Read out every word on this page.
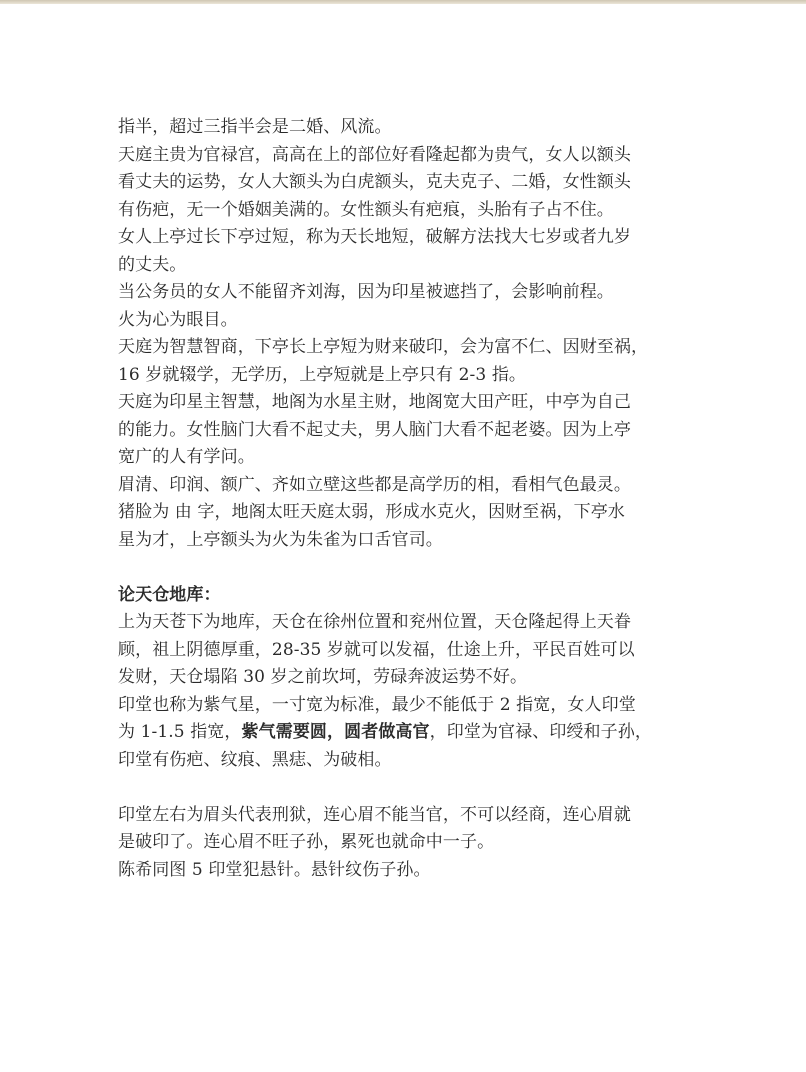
指半，超过三指半会是二婚、风流。
天庭主贵为官禄宫，高高在上的部位好看隆起都为贵气，女人以额头
看丈夫的运势，女人大额头为白虎额头，克夫克子、二婚，女性额头
有伤疤，无一个婚姻美满的。女性额头有疤痕，头胎有子占不住。
女人上亭过长下亭过短，称为天长地短，破解方法找大七岁或者九岁
的丈夫。
当公务员的女人不能留齐刘海，因为印星被遮挡了，会影响前程。
火为心为眼目。
天庭为智慧智商，下亭长上亭短为财来破印，会为富不仁、因财至祸，
16 岁就辍学，无学历，上亭短就是上亭只有 2-3 指。
天庭为印星主智慧，地阁为水星主财，地阁宽大田产旺，中亭为自己
的能力。女性脑门大看不起丈夫，男人脑门大看不起老婆。因为上亭
宽广的人有学问。
眉清、印润、额广、齐如立壁这些都是高学历的相，看相气色最灵。
猪脸为 由 字，地阁太旺天庭太弱，形成水克火，因财至祸，下亭水
星为才，上亭额头为火为朱雀为口舌官司。
论天仓地库：
上为天苍下为地库，天仓在徐州位置和兖州位置，天仓隆起得上天眷
顾，祖上阴德厚重，28-35 岁就可以发福，仕途上升，平民百姓可以
发财，天仓塌陷 30 岁之前坎坷，劳碌奔波运势不好。
印堂也称为紫气星，一寸宽为标准，最少不能低于 2 指宽，女人印堂
为 1-1.5 指宽，紫气需要圆，圆者做高官，印堂为官禄、印绶和子孙，
印堂有伤疤、纹痕、黑痣、为破相。
印堂左右为眉头代表刑狱，连心眉不能当官，不可以经商，连心眉就
是破印了。连心眉不旺子孙，累死也就命中一子。
陈希同图 5 印堂犯悬针。悬针纹伤子孙。
